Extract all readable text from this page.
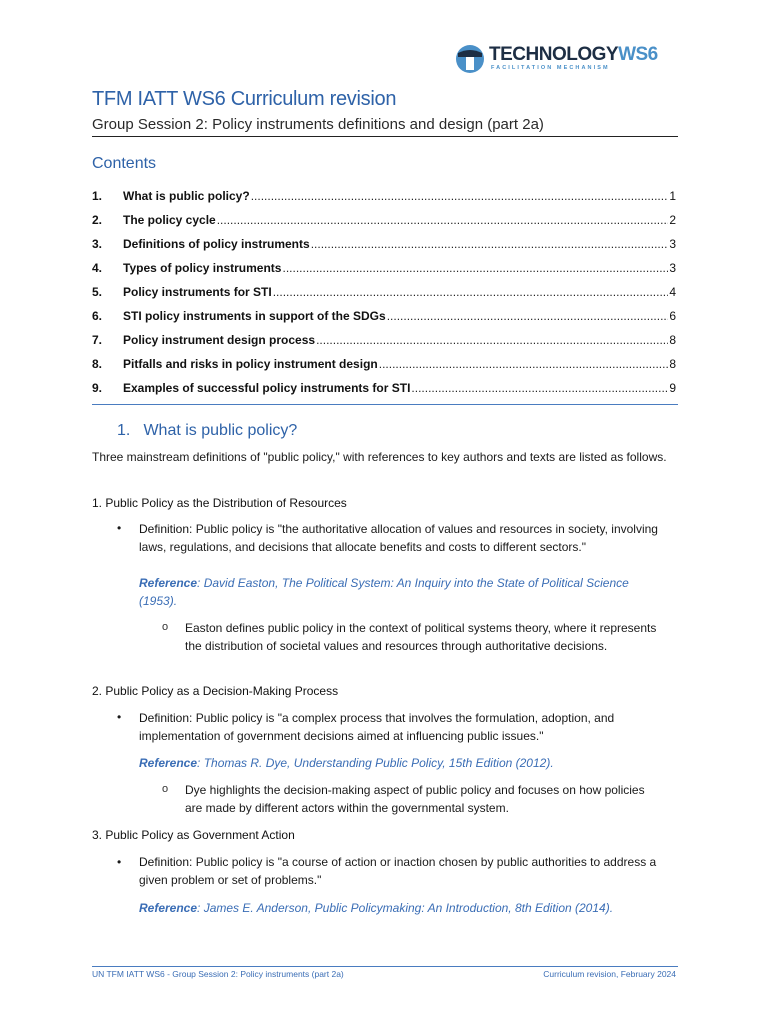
TECHNOLOGYWS6
FACILITATION MECHANISM
TFM IATT WS6 Curriculum revision
Group Session 2: Policy instruments definitions and design (part 2a)
Contents
1.	What is public policy? .....	1
2.	The policy cycle .....	2
3.	Definitions of policy instruments .....	3
4.	Types of policy instruments .....	3
5.	Policy instruments for STI .....	4
6.	STI policy instruments in support of the SDGs .....	6
7.	Policy instrument design process .....	8
8.	Pitfalls and risks in policy instrument design .....	8
9.	Examples of successful policy instruments for STI .....	9
1. What is public policy?
Three mainstream definitions of "public policy," with references to key authors and texts are listed as follows.
1. Public Policy as the Distribution of Resources
• Definition: Public policy is "the authoritative allocation of values and resources in society, involving laws, regulations, and decisions that allocate benefits and costs to different sectors."
Reference: David Easton, The Political System: An Inquiry into the State of Political Science (1953).
o Easton defines public policy in the context of political systems theory, where it represents the distribution of societal values and resources through authoritative decisions.
2. Public Policy as a Decision-Making Process
• Definition: Public policy is "a complex process that involves the formulation, adoption, and implementation of government decisions aimed at influencing public issues."
Reference: Thomas R. Dye, Understanding Public Policy, 15th Edition (2012).
o Dye highlights the decision-making aspect of public policy and focuses on how policies are made by different actors within the governmental system.
3. Public Policy as Government Action
• Definition: Public policy is "a course of action or inaction chosen by public authorities to address a given problem or set of problems."
Reference: James E. Anderson, Public Policymaking: An Introduction, 8th Edition (2014).
UN TFM IATT WS6 - Group Session 2: Policy instruments (part 2a)	Curriculum revision, February 2024
